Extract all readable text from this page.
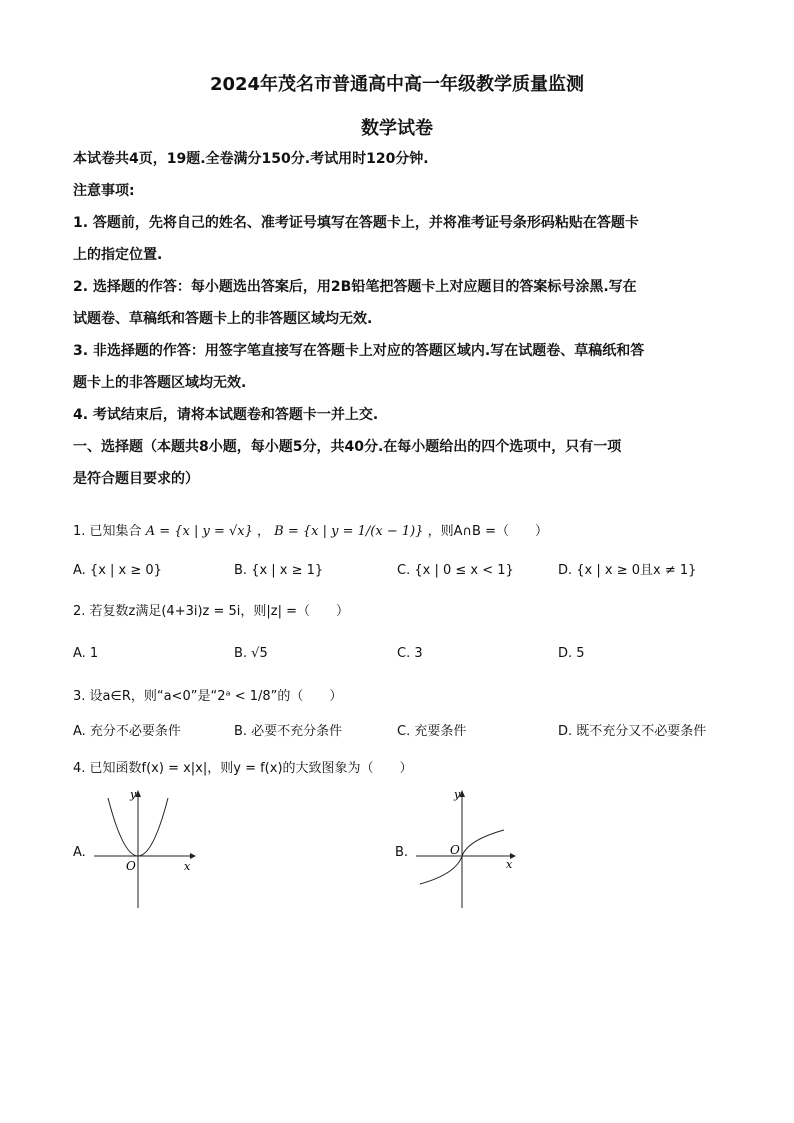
2024年茂名市普通高中高一年级教学质量监测
数学试卷
本试卷共4页，19题.全卷满分150分.考试用时120分钟.
注意事项:
1. 答题前，先将自己的姓名、准考证号填写在答题卡上，并将准考证号条形码粘贴在答题卡
上的指定位置.
2. 选择题的作答：每小题选出答案后，用2B铅笔把答题卡上对应题目的答案标号涂黑.写在
试题卷、草稿纸和答题卡上的非答题区域均无效.
3. 非选择题的作答：用签字笔直接写在答题卡上对应的答题区域内.写在试题卷、草稿纸和答
题卡上的非答题区域均无效.
4. 考试结束后，请将本试题卷和答题卡一并上交.
一、选择题（本题共8小题，每小题5分，共40分.在每小题给出的四个选项中，只有一项
是符合题目要求的）
1. 已知集合 A = {x | y = √x} ， B = {x | y = 1/(x − 1)} ，则A∩B =（　　）
A. {x | x ≥ 0}	B. {x | x ≥ 1}	C. {x | 0 ≤ x < 1}	D. {x | x ≥ 0且x ≠ 1}
2. 若复数z满足(4+3i)z = 5i，则|z| =（　　）
A. 1	B. √5	C. 3	D. 5
3. 设a∈R，则“a<0”是“2ᵃ < 1/8”的（　　）
A. 充分不必要条件	B. 必要不充分条件	C. 充要条件	D. 既不充分又不必要条件
4. 已知函数f(x) = x|x|，则y = f(x)的大致图象为（　　）
A.
y
x
O
B.
y
x
O
